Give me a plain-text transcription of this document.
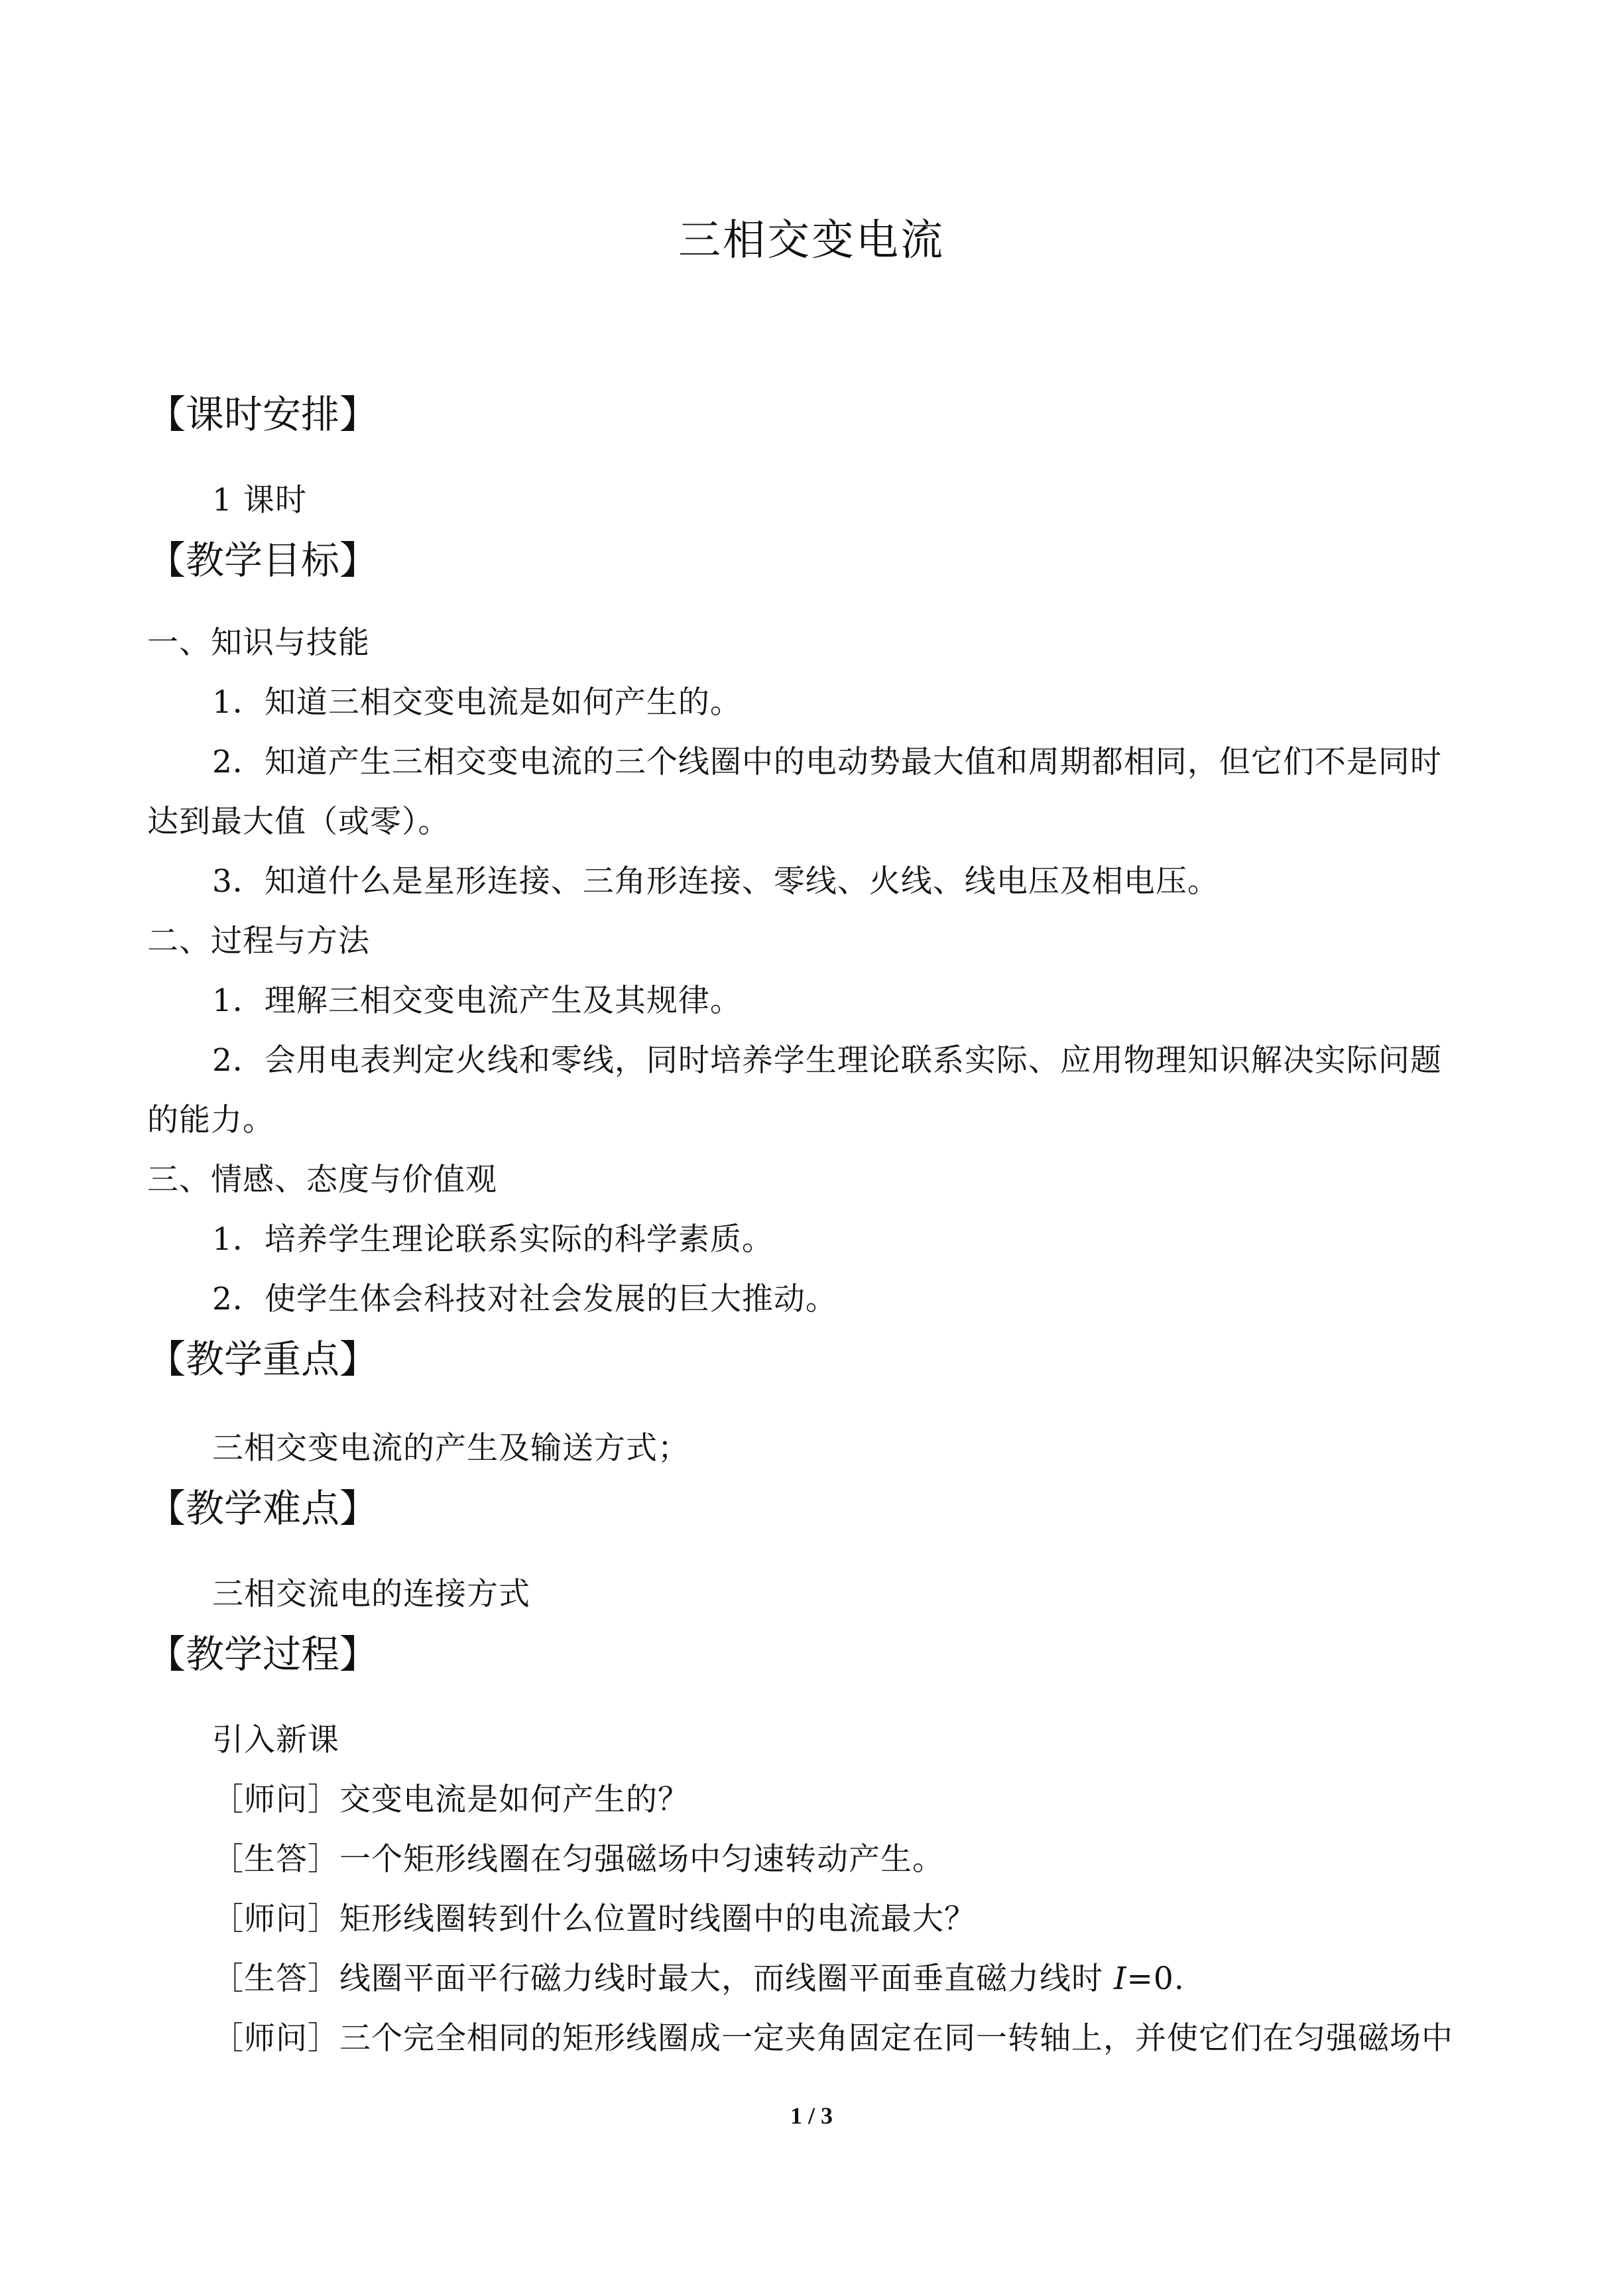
三相交变电流
【课时安排】
1 课时
【教学目标】
一、知识与技能
1．知道三相交变电流是如何产生的。
2．知道产生三相交变电流的三个线圈中的电动势最大值和周期都相同，但它们不是同时
达到最大值（或零）。
3．知道什么是星形连接、三角形连接、零线、火线、线电压及相电压。
二、过程与方法
1．理解三相交变电流产生及其规律。
2．会用电表判定火线和零线，同时培养学生理论联系实际、应用物理知识解决实际问题
的能力。
三、情感、态度与价值观
1．培养学生理论联系实际的科学素质。
2．使学生体会科技对社会发展的巨大推动。
【教学重点】
三相交变电流的产生及输送方式；
【教学难点】
三相交流电的连接方式
【教学过程】
引入新课
［师问］交变电流是如何产生的？
［生答］一个矩形线圈在匀强磁场中匀速转动产生。
［师问］矩形线圈转到什么位置时线圈中的电流最大？
［生答］线圈平面平行磁力线时最大，而线圈平面垂直磁力线时 I=0.
［师问］三个完全相同的矩形线圈成一定夹角固定在同一转轴上，并使它们在匀强磁场中
1 / 3
